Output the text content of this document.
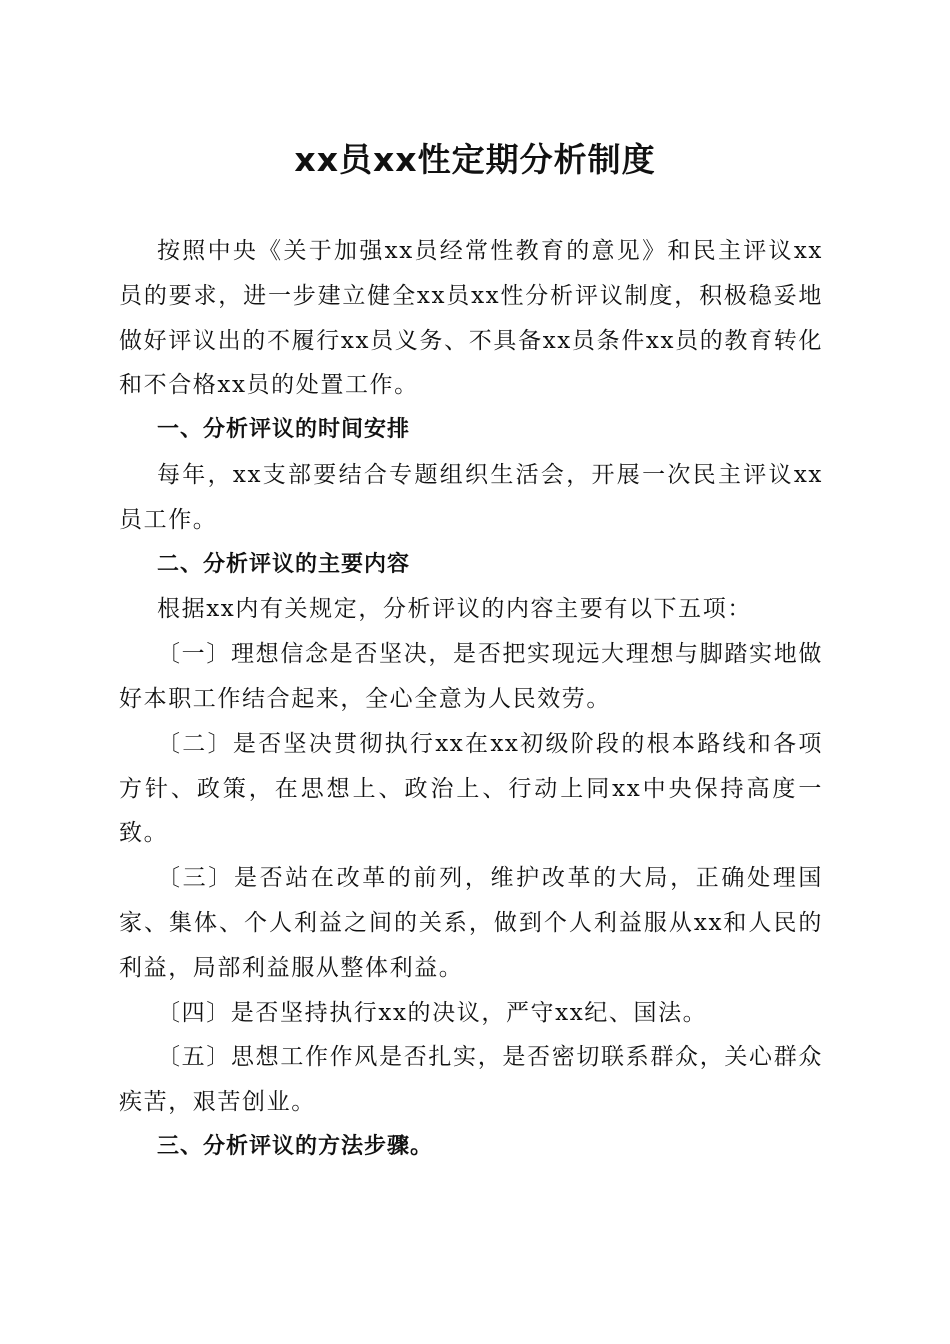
xx员xx性定期分析制度

按照中央《关于加强xx员经常性教育的意见》和民主评议xx员的要求，进一步建立健全xx员xx性分析评议制度，积极稳妥地做好评议出的不履行xx员义务、不具备xx员条件xx员的教育转化和不合格xx员的处置工作。

一、分析评议的时间安排

每年，xx支部要结合专题组织生活会，开展一次民主评议xx员工作。

二、分析评议的主要内容

根据xx内有关规定，分析评议的内容主要有以下五项：

〔一〕理想信念是否坚决，是否把实现远大理想与脚踏实地做好本职工作结合起来，全心全意为人民效劳。

〔二〕是否坚决贯彻执行xx在xx初级阶段的根本路线和各项方针、政策，在思想上、政治上、行动上同xx中央保持高度一致。

〔三〕是否站在改革的前列，维护改革的大局，正确处理国家、集体、个人利益之间的关系，做到个人利益服从xx和人民的利益，局部利益服从整体利益。

〔四〕是否坚持执行xx的决议，严守xx纪、国法。

〔五〕思想工作作风是否扎实，是否密切联系群众，关心群众疾苦，艰苦创业。

三、分析评议的方法步骤。
